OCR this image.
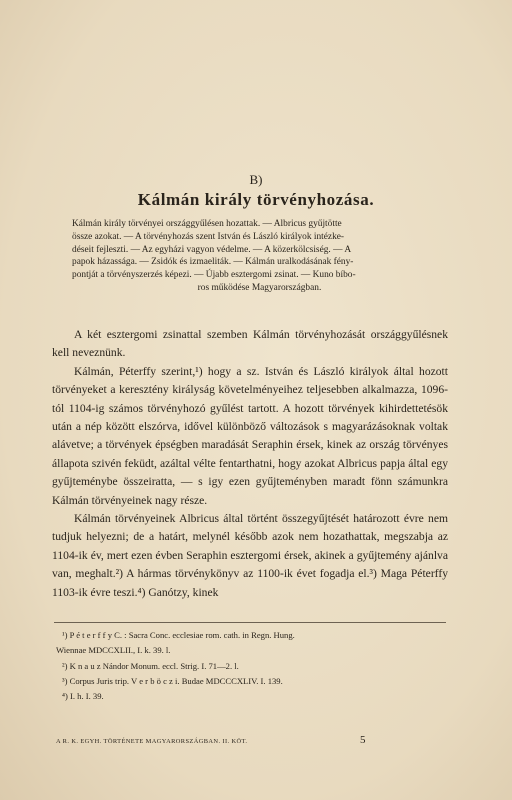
B)
Kálmán király törvényhozása.
Kálmán király törvényei országgyűlésen hozattak. — Albricus gyűjtötte
össze azokat. — A törvényhozás szent István és László királyok intézke-
déseit fejleszti. — Az egyházi vagyon védelme. — A közerkölcsiség. — A
papok házassága. — Zsidók és izmaeliták. — Kálmán uralkodásának fény-
pontját a törvényszerzés képezi. — Újabb esztergomi zsinat. — Kuno bíbo-
ros működése Magyarországban.

A két esztergomi zsinattal szemben Kálmán törvényhozását országgyűlésnek kell neveznünk.

Kálmán, Péterffy szerint,¹) hogy a sz. István és László királyok által hozott törvényeket a keresztény királyság követelményeihez teljesebben alkalmazza, 1096-tól 1104-ig számos törvényhozó gyűlést tartott. A hozott törvények kihirdettetésök után a nép között elszórva, idővel különböző változások s magyarázásoknak voltak alávetve; a törvények épségben maradását Seraphin érsek, kinek az ország törvényes állapota szivén feküdt, azáltal vélte fentarthatni, hogy azokat Albricus papja által egy gyűjteménybe összeiratta, — s igy ezen gyűjteményben maradt fönn számunkra Kálmán törvényeinek nagy része.

Kálmán törvényeinek Albricus által történt összegyűjtését határozott évre nem tudjuk helyezni; de a határt, melynél később azok nem hozathattak, megszabja az 1104-ik év, mert ezen évben Seraphin esztergomi érsek, akinek a gyűjtemény ajánlva van, meghalt.²) A hármas törvénykönyv az 1100-ik évet fogadja el.³) Maga Péterffy 1103-ik évre teszi.⁴) Ganótzy, kinek

¹) P é t e r f f y C. : Sacra Conc. ecclesiae rom. cath. in Regn. Hung.
Wiennae MDCCXLII., I. k. 39. l.
²) K n a u z Nándor Monum. eccl. Strig. I. 71—2. l.
³) Corpus Juris trip. V e r b ö c z i. Budae MDCCCXLIV. I. 139.
⁴) I. h. I. 39.
A R. K. EGYH. TÖRTÉNETE MAGYARORSZÁGBAN. II. KÖT.	5
